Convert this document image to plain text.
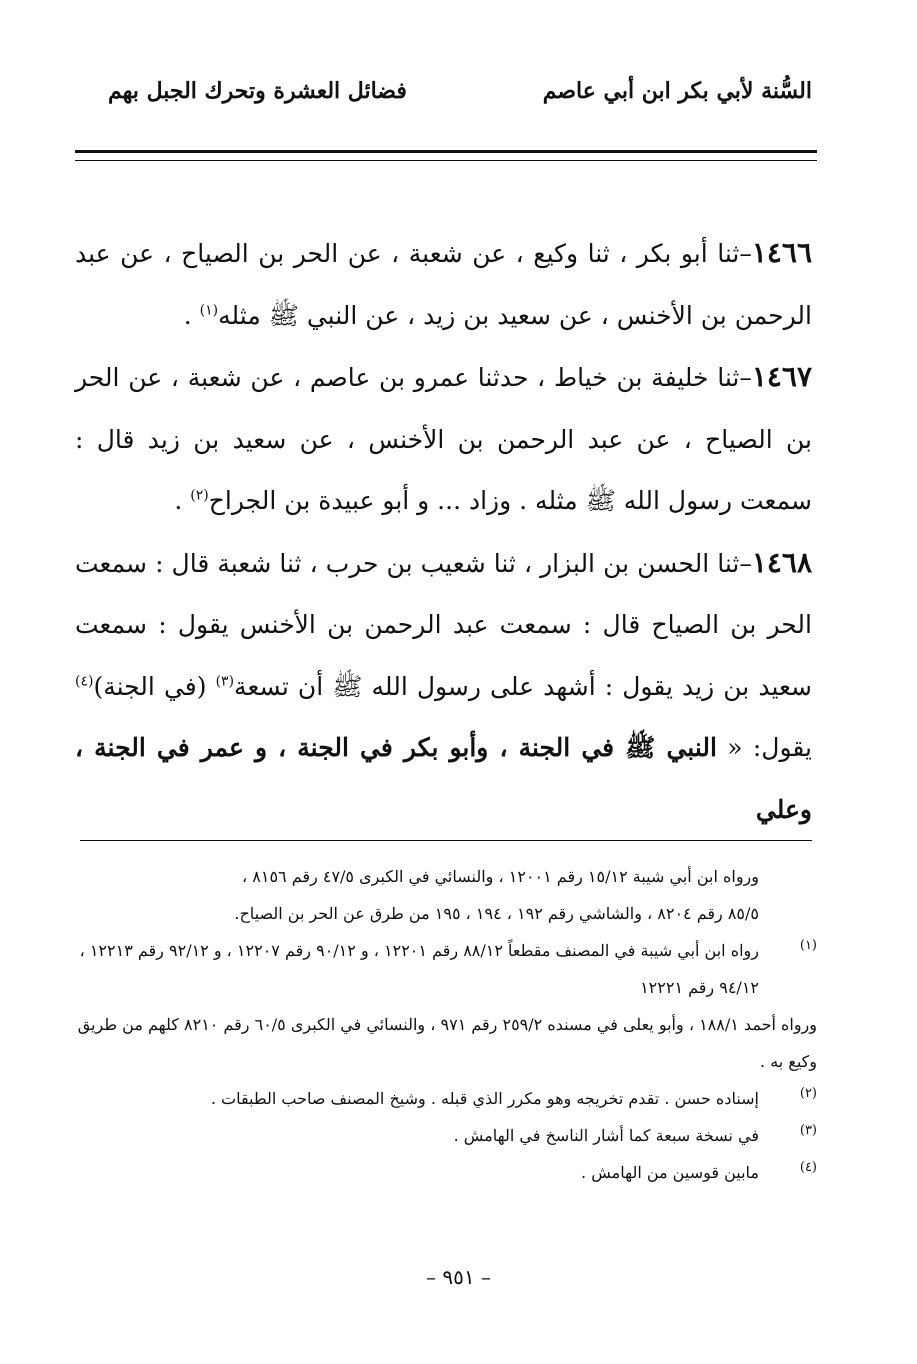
السُّنة لأبي بكر ابن أبي عاصم
فضائل العشرة وتحرك الجبل بهم

١٤٦٦–ثنا أبو بكر ، ثنا وكيع ، عن شعبة ، عن الحر بن الصياح ، عن عبد الرحمن بن الأخنس ، عن سعيد بن زيد ، عن النبي ﷺ مثله$^{(١)}$ .

١٤٦٧–ثنا خليفة بن خياط ، حدثنا عمرو بن عاصم ، عن شعبة ، عن الحر بن الصياح ، عن عبد الرحمن بن الأخنس ، عن سعيد بن زيد قال : سمعت رسول الله ﷺ مثله . وزاد ... و أبو عبيدة بن الجراح$^{(٢)}$ .

١٤٦٨–ثنا الحسن بن البزار ، ثنا شعيب بن حرب ، ثنا شعبة قال : سمعت الحر بن الصياح قال : سمعت عبد الرحمن بن الأخنس يقول : سمعت سعيد بن زيد يقول : أشهد على رسول الله ﷺ أن تسعة$^{(٣)}$ (في الجنة)$^{(٤)}$ يقول: « النبي ﷺ في الجنة ، وأبو بكر في الجنة ، و عمر في الجنة ، وعلي

ورواه ابن أبي شيبة ١٥/١٢ رقم ١٢٠٠١ ، والنسائي في الكبرى ٤٧/٥ رقم ٨١٥٦ ،

٨٥/٥ رقم ٨٢٠٤ ، والشاشي رقم ١٩٢ ، ١٩٤ ، ١٩٥ من طرق عن الحر بن الصياح.

(١)
رواه ابن أبي شيبة في المصنف مقطعاً ٨٨/١٢ رقم ١٢٢٠١ ، و ٩٠/١٢ رقم ١٢٢٠٧ ، و ٩٢/١٢ رقم ١٢٢١٣ ، ٩٤/١٢ رقم ١٢٢٢١

ورواه أحمد ١٨٨/١ ، وأبو يعلى في مسنده ٢٥٩/٢ رقم ٩٧١ ، والنسائي في الكبرى ٦٠/٥ رقم ٨٢١٠ كلهم من طريق وكيع به .

(٢)
إسناده حسن . تقدم تخريجه وهو مكرر الذي قبله . وشيخ المصنف صاحب الطبقات .
(٣)
في نسخة سبعة كما أشار الناسخ في الهامش .
(٤)
مابين قوسين من الهامش .
– ٩٥١ –
